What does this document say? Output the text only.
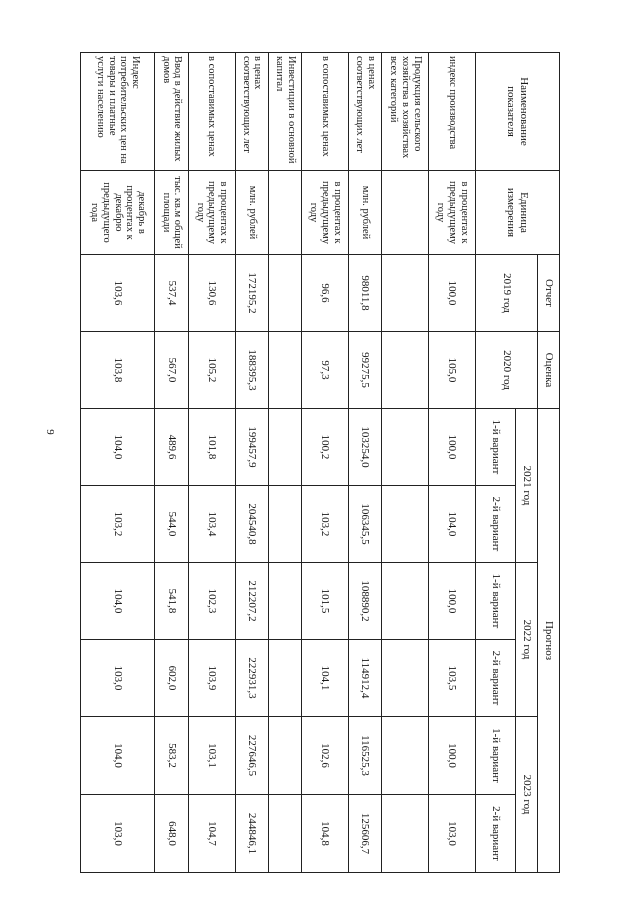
9
Наименование показателя	Единица измерения	Отчет	Оценка	Прогноз					
		2019 год	2020 год	2021 год		2022 год		2023 год	
				1-й вариант	2-й вариант	1-й вариант	2-й вариант	1-й вариант	2-й вариант
индекс производства	в процентах к предыдущему году	100,0	105,0	100,0	104,0	100,0	103,5	100,0	103,0
Продукция сельского хозяйства в хозяйствах всех категорий									
в ценах соответствующих лет	млн. рублей	98011,8	99275,5	103254,0	106345,5	108890,2	114912,4	116525,3	125606,7
в сопоставимых ценах	в процентах к предыдущему году	96,6	97,3	100,2	103,2	101,5	104,1	102,6	104,8
Инвестиции в основной капитал									
в ценах соответствующих лет	млн. рублей	172195,2	188395,3	199457,9	204540,8	212207,2	222931,3	227646,5	244846,1
в сопоставимых ценах	в процентах к предыдущему году	130,6	105,2	101,8	103,4	102,3	103,9	103,1	104,7
Ввод в действие жилых домов	тыс. кв.м общей площади	537,4	567,0	489,6	544,0	541,8	602,0	583,2	648,0
Индекс потребительских цен на товары и платные услуги населению	декабрь в процентах к декабрю предыдущего года	103,6	103,8	104,0	103,2	104,0	103,0	104,0	103,0
